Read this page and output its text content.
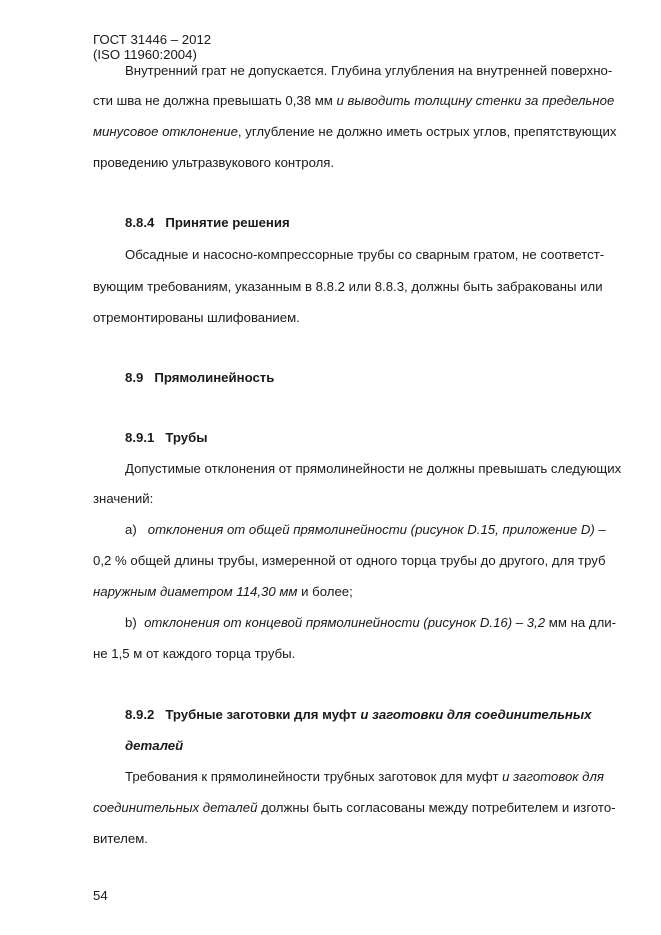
ГОСТ 31446 – 2012
(ISO 11960:2004)
Внутренний грат не допускается. Глубина углубления на внутренней поверхно-
сти шва не должна превышать 0,38 мм и выводить толщину стенки за предельное
минусовое отклонение, углубление не должно иметь острых углов, препятствующих
проведению ультразвукового контроля.
8.8.4 Принятие решения
Обсадные и насосно-компрессорные трубы со сварным гратом, не соответст-
вующим требованиям, указанным в 8.8.2 или 8.8.3, должны быть забракованы или
отремонтированы шлифованием.
8.9 Прямолинейность
8.9.1 Трубы
Допустимые отклонения от прямолинейности не должны превышать следующих
значений:
а) отклонения от общей прямолинейности (рисунок D.15, приложение D) –
0,2 % общей длины трубы, измеренной от одного торца трубы до другого, для труб
наружным диаметром 114,30 мм и более;
b) отклонения от концевой прямолинейности (рисунок D.16) – 3,2 мм на дли-
не 1,5 м от каждого торца трубы.
8.9.2 Трубные заготовки для муфт и заготовки для соединительных
деталей
Требования к прямолинейности трубных заготовок для муфт и заготовок для
соединительных деталей должны быть согласованы между потребителем и изгото-
вителем.
54
